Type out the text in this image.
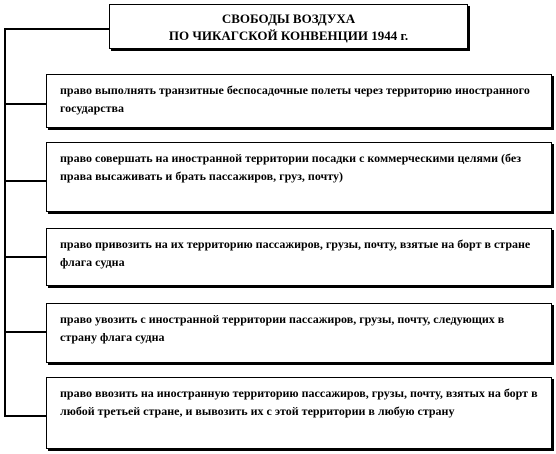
СВОБОДЫ ВОЗДУХА
ПО ЧИКАГСКОЙ КОНВЕНЦИИ 1944 г.
право выполнять транзитные беспосадочные полеты через территорию иностранного государства
право совершать на иностранной территории посадки с коммерческими целями (без права высаживать и брать пассажиров, груз, почту)
право привозить на их территорию пассажиров, грузы, почту, взятые на борт в стране флага судна
право увозить с иностранной территории пассажиров, грузы, почту, следующих в страну флага судна
право ввозить на иностранную территорию пассажиров, грузы, почту, взятых на борт в любой третьей стране, и вывозить их с этой территории в любую страну
